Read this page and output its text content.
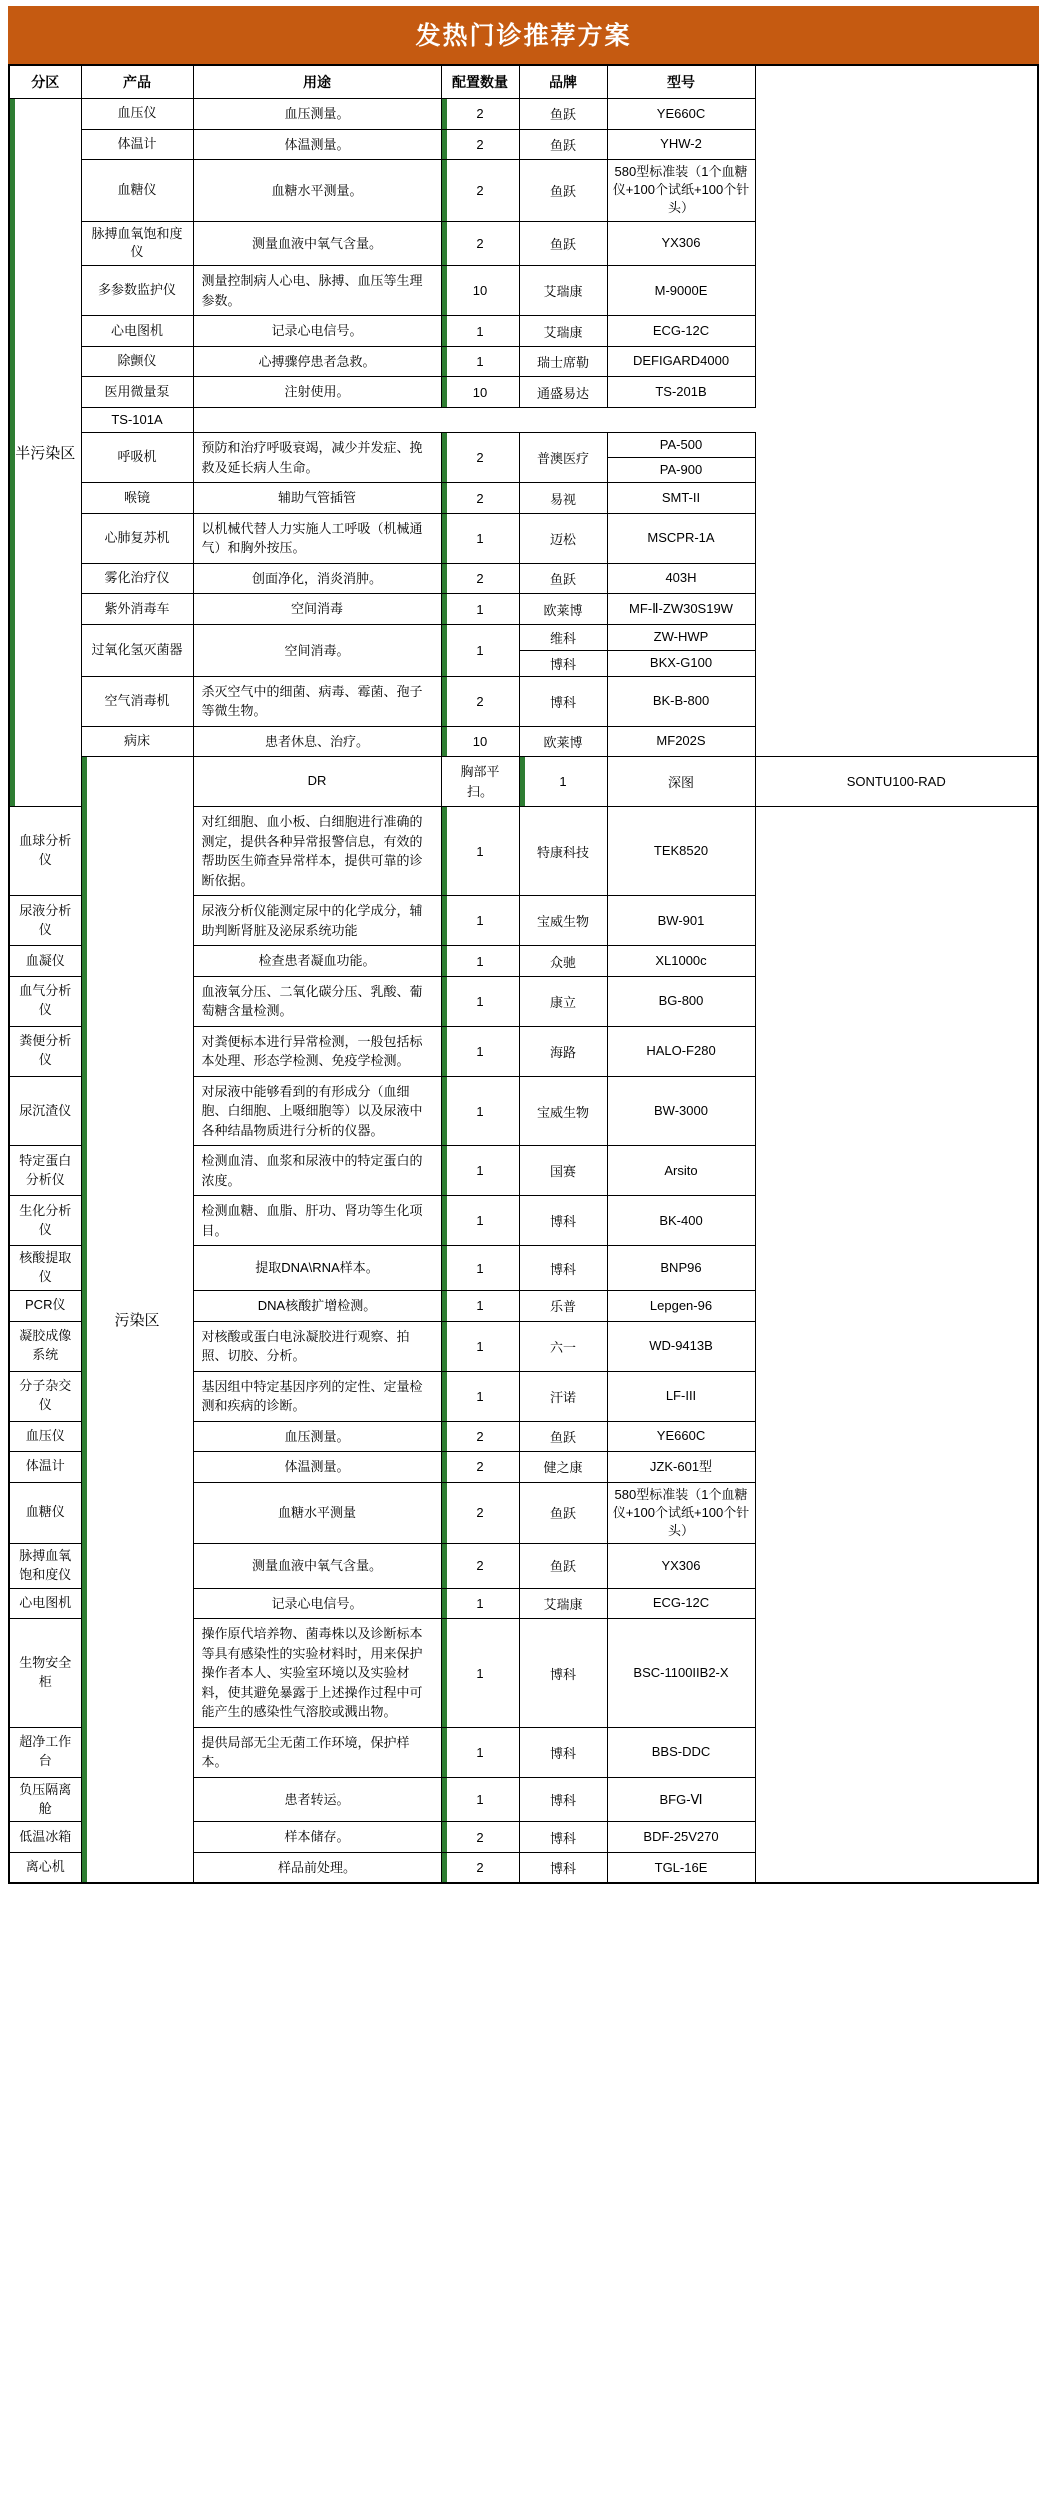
发热门诊推荐方案
分区	产品	用途	配置数量	品牌	型号	
半污染区	血压仪	血压测量。	2	鱼跃	YE660C	
	体温计	体温测量。	2	鱼跃	YHW-2	
	血糖仪	血糖水平测量。	2	鱼跃	580型标准装（1个血糖仪+100个试纸+100个针头）	
	脉搏血氧饱和度仪	测量血液中氧气含量。	2	鱼跃	YX306	
	多参数监护仪	测量控制病人心电、脉搏、血压等生理参数。	10	艾瑞康	M-9000E	
	心电图机	记录心电信号。	1	艾瑞康	ECG-12C	
	除颤仪	心搏骤停患者急救。	1	瑞士席勒	DEFIGARD4000	
	医用微量泵	注射使用。	10	通盛易达	TS-201B	
	TS-101A					
	呼吸机	预防和治疗呼吸衰竭，减少并发症、挽救及延长病人生命。	2	普澳医疗	PA-500	
					PA-900	
	喉镜	辅助气管插管	2	易视	SMT-II	
	心肺复苏机	以机械代替人力实施人工呼吸（机械通气）和胸外按压。	1	迈松	MSCPR-1A	
	雾化治疗仪	创面净化，消炎消肿。	2	鱼跃	403H	
	紫外消毒车	空间消毒	1	欧莱博	MF-Ⅱ-ZW30S19W	
	过氧化氢灭菌器	空间消毒。	1	维科	ZW-HWP	
				博科	BKX-G100	
	空气消毒机	杀灭空气中的细菌、病毒、霉菌、孢子等微生物。	2	博科	BK-B-800	
	病床	患者休息、治疗。	10	欧莱博	MF202S	
	污染区	DR	胸部平扫。	1	深图	SONTU100-RAD
血球分析仪		对红细胞、血小板、白细胞进行准确的测定，提供各种异常报警信息，有效的帮助医生筛查异常样本，提供可靠的诊断依据。	1	特康科技	TEK8520	
尿液分析仪		尿液分析仪能测定尿中的化学成分，辅助判断肾脏及泌尿系统功能	1	宝威生物	BW-901	
血凝仪		检查患者凝血功能。	1	众驰	XL1000c	
血气分析仪		血液氧分压、二氧化碳分压、乳酸、葡萄糖含量检测。	1	康立	BG-800	
粪便分析仪		对粪便标本进行异常检测，一般包括标本处理、形态学检测、免疫学检测。	1	海路	HALO-F280	
尿沉渣仪		对尿液中能够看到的有形成分（血细胞、白细胞、上嗫细胞等）以及尿液中各种结晶物质进行分析的仪器。	1	宝威生物	BW-3000	
特定蛋白分析仪		检测血清、血浆和尿液中的特定蛋白的浓度。	1	国赛	Arsito	
生化分析仪		检测血糖、血脂、肝功、肾功等生化项目。	1	博科	BK-400	
核酸提取仪		提取DNA\RNA样本。	1	博科	BNP96	
PCR仪		DNA核酸扩增检测。	1	乐普	Lepgen-96	
凝胶成像系统		对核酸或蛋白电泳凝胶进行观察、拍照、切胶、分析。	1	六一	WD-9413B	
分子杂交仪		基因组中特定基因序列的定性、定量检测和疾病的诊断。	1	汗诺	LF-III	
血压仪		血压测量。	2	鱼跃	YE660C	
体温计		体温测量。	2	健之康	JZK-601型	
血糖仪		血糖水平测量	2	鱼跃	580型标准装（1个血糖仪+100个试纸+100个针头）	
脉搏血氧饱和度仪		测量血液中氧气含量。	2	鱼跃	YX306	
心电图机		记录心电信号。	1	艾瑞康	ECG-12C	
生物安全柜		操作原代培养物、菌毒株以及诊断标本等具有感染性的实验材料时，用来保护操作者本人、实验室环境以及实验材料，使其避免暴露于上述操作过程中可能产生的感染性气溶胶或溅出物。	1	博科	BSC-1100IIB2-X	
超净工作台		提供局部无尘无菌工作环境，保护样本。	1	博科	BBS-DDC	
负压隔离舱		患者转运。	1	博科	BFG-Ⅵ	
低温冰箱		样本储存。	2	博科	BDF-25V270	
离心机		样品前处理。	2	博科	TGL-16E	
